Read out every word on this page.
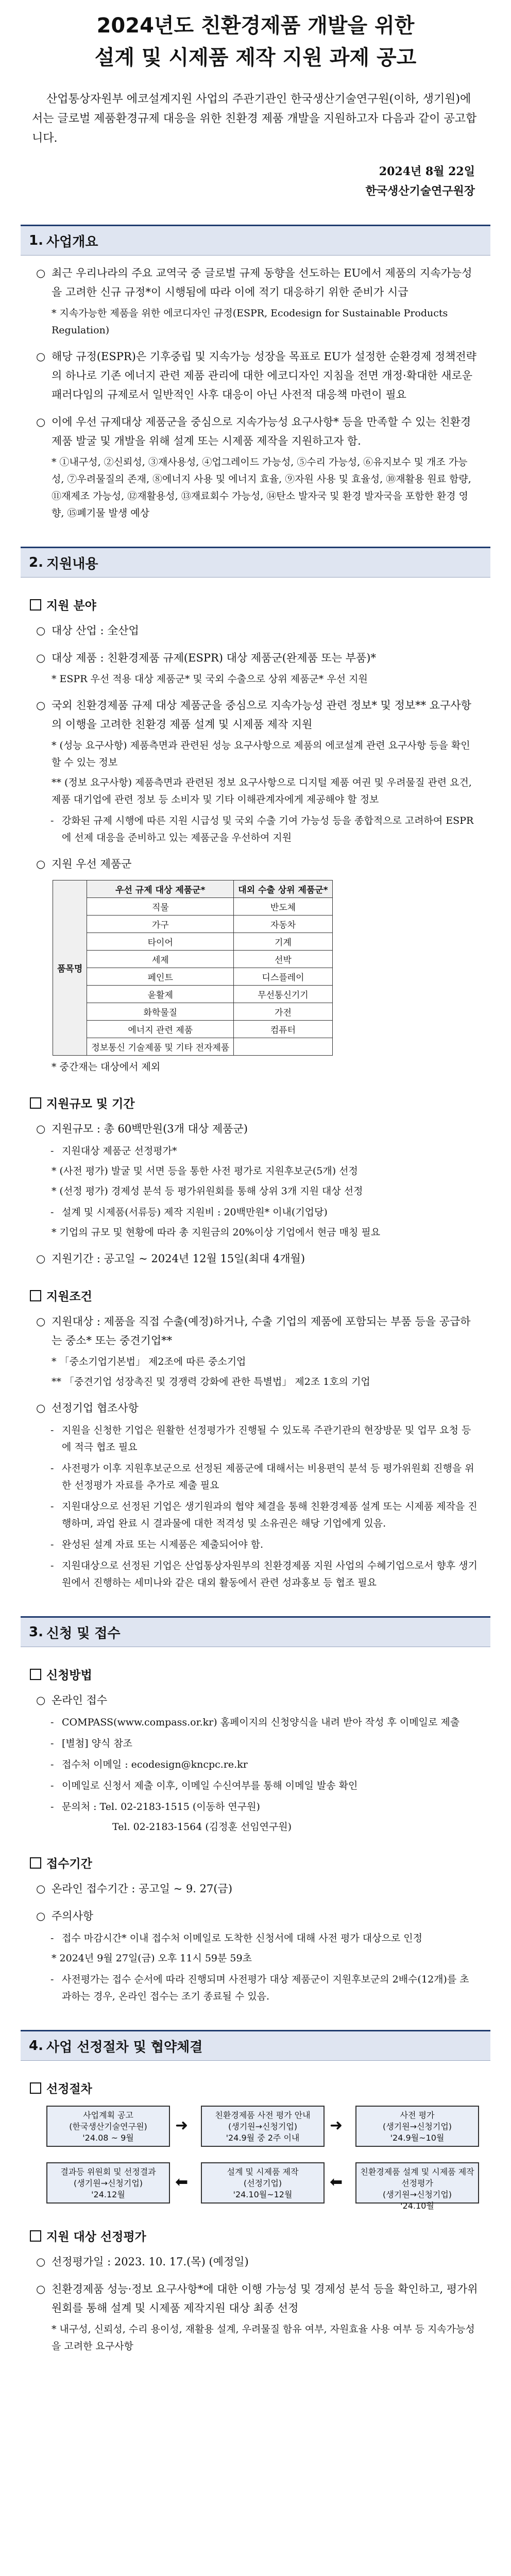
2024년도 친환경제품 개발을 위한
설계 및 시제품 제작 지원 과제 공고
산업통상자원부 에코설계지원 사업의 주관기관인 한국생산기술연구원(이하, 생기원)에서는 글로벌 제품환경규제 대응을 위한 친환경 제품 개발을 지원하고자 다음과 같이 공고합니다.
2024년 8월 22일
한국생산기술연구원장
1. 사업개요
○ 최근 우리나라의 주요 교역국 중 글로벌 규제 동향을 선도하는 EU에서 제품의 지속가능성을 고려한 신규 규정*이 시행됨에 따라 이에 적기 대응하기 위한 준비가 시급
* 지속가능한 제품을 위한 에코디자인 규정(ESPR, Ecodesign for Sustainable Products Regulation)
○ 해당 규정(ESPR)은 기후중립 및 지속가능 성장을 목표로 EU가 설정한 순환경제 정책전략의 하나로 기존 에너지 관련 제품 관리에 대한 에코디자인 지침을 전면 개정·확대한 새로운 패러다임의 규제로서 일반적인 사후 대응이 아닌 사전적 대응책 마련이 필요
○ 이에 우선 규제대상 제품군을 중심으로 지속가능성 요구사항* 등을 만족할 수 있는 친환경제품 발굴 및 개발을 위해 설계 또는 시제품 제작을 지원하고자 함.
* ①내구성, ②신뢰성, ③재사용성, ④업그레이드 가능성, ⑤수리 가능성, ⑥유지보수 및 개조 가능성, ⑦우려물질의 존재, ⑧에너지 사용 및 에너지 효율, ⑨자원 사용 및 효율성, ⑩재활용 원료 함량, ⑪재제조 가능성, ⑫재활용성, ⑬재료회수 가능성, ⑭탄소 발자국 및 환경 발자국을 포함한 환경 영향, ⑮폐기물 발생 예상
2. 지원내용
지원 분야
○ 대상 산업 : 全산업
○ 대상 제품 : 친환경제품 규제(ESPR) 대상 제품군(완제품 또는 부품)*
* ESPR 우선 적용 대상 제품군* 및 국외 수출으로 상위 제품군* 우선 지원
○ 국외 친환경제품 규제 대상 제품군을 중심으로 지속가능성 관련 정보* 및 정보** 요구사항의 이행을 고려한 친환경 제품 설계 및 시제품 제작 지원
* (성능 요구사항) 제품측면과 관련된 성능 요구사항으로 제품의 에코설계 관련 요구사항 등을 확인할 수 있는 정보
** (정보 요구사항) 제품측면과 관련된 정보 요구사항으로 디지털 제품 여권 및 우려물질 관련 요건, 제품 대기업에 관련 정보 등 소비자 및 기타 이해관계자에게 제공해야 할 정보
- 강화된 규제 시행에 따른 지원 시급성 및 국외 수출 기여 가능성 등을 종합적으로 고려하여 ESPR에 선제 대응을 준비하고 있는 제품군을 우선하여 지원
○ 지원 우선 제품군
품목명	우선 규제 대상 제품군*	대외 수출 상위 제품군*
	직물	반도체
	가구	자동차
	타이어	기계
	세제	선박
	페인트	디스플레이
	윤활제	무선통신기기
	화학물질	가전
	에너지 관련 제품	컴퓨터
	정보통신 기술제품 및 기타 전자제품	
* 중간재는 대상에서 제외
지원규모 및 기간
○ 지원규모 : 총 60백만원(3개 대상 제품군)
- 지원대상 제품군 선정평가*
* (사전 평가) 발굴 및 서면 등을 통한 사전 평가로 지원후보군(5개) 선정
* (선정 평가) 경제성 분석 등 평가위원회를 통해 상위 3개 지원 대상 선정
- 설계 및 시제품(서류등) 제작 지원비 : 20백만원* 이내(기업당)
* 기업의 규모 및 현황에 따라 총 지원금의 20%이상 기업에서 현금 매칭 필요
○ 지원기간 : 공고일 ~ 2024년 12월 15일(최대 4개월)
지원조건
○ 지원대상 : 제품을 직접 수출(예정)하거나, 수출 기업의 제품에 포함되는 부품 등을 공급하는 중소* 또는 중견기업**
* 「중소기업기본법」 제2조에 따른 중소기업
** 「중견기업 성장촉진 및 경쟁력 강화에 관한 특별법」 제2조 1호의 기업
○ 선정기업 협조사항
- 지원을 신청한 기업은 원활한 선정평가가 진행될 수 있도록 주관기관의 현장방문 및 업무 요청 등에 적극 협조 필요
- 사전평가 이후 지원후보군으로 선정된 제품군에 대해서는 비용편익 분석 등 평가위원회 진행을 위한 선정평가 자료를 추가로 제출 필요
- 지원대상으로 선정된 기업은 생기원과의 협약 체결을 통해 친환경제품 설계 또는 시제품 제작을 진행하며, 과업 완료 시 결과물에 대한 적격성 및 소유권은 해당 기업에게 있음.
- 완성된 설계 자료 또는 시제품은 제출되어야 함.
- 지원대상으로 선정된 기업은 산업통상자원부의 친환경제품 지원 사업의 수혜기업으로서 향후 생기원에서 진행하는 세미나와 같은 대외 활동에서 관련 성과홍보 등 협조 필요
3. 신청 및 접수
신청방법
○ 온라인 접수
- COMPASS(www.compass.or.kr) 홈페이지의 신청양식을 내려 받아 작성 후 이메일로 제출
- [별첨] 양식 참조
- 접수처 이메일 : ecodesign@kncpc.re.kr
- 이메일로 신청서 제출 이후, 이메일 수신여부를 통해 이메일 발송 확인
- 문의처 : Tel. 02-2183-1515 (이동하 연구원)
Tel. 02-2183-1564 (김정훈 선임연구원)
접수기간
○ 온라인 접수기간 : 공고일 ~ 9. 27(금)
○ 주의사항
- 접수 마감시간* 이내 접수처 이메일로 도착한 신청서에 대해 사전 평가 대상으로 인정
* 2024년 9월 27일(금) 오후 11시 59분 59초
- 사전평가는 접수 순서에 따라 진행되며 사전평가 대상 제품군이 지원후보군의 2배수(12개)를 초과하는 경우, 온라인 접수는 조기 종료될 수 있음.
4. 사업 선정절차 및 협약체결
선정절차
사업계획 공고
(한국생산기술연구원)
'24.08 ~ 9월
➜
친환경제품 사전 평가 안내
(생기원→신청기업)
'24.9월 중 2주 이내
➜
사전 평가
(생기원→신청기업)
'24.9월~10월
결과등 위원회 및 선정결과
(생기원→신청기업)
'24.12월
⬅
설계 및 시제품 제작
(선정기업)
'24.10월~12월
⬅
친환경제품 설계 및 시제품 제작 선정평가
(생기원→신청기업)
'24.10월
지원 대상 선정평가
○ 선정평가일 : 2023. 10. 17.(목) (예정일)
○ 친환경제품 성능·정보 요구사항*에 대한 이행 가능성 및 경제성 분석 등을 확인하고, 평가위원회를 통해 설계 및 시제품 제작지원 대상 최종 선정
* 내구성, 신뢰성, 수리 용이성, 재활용 설계, 우려물질 함유 여부, 자원효율 사용 여부 등 지속가능성을 고려한 요구사항
